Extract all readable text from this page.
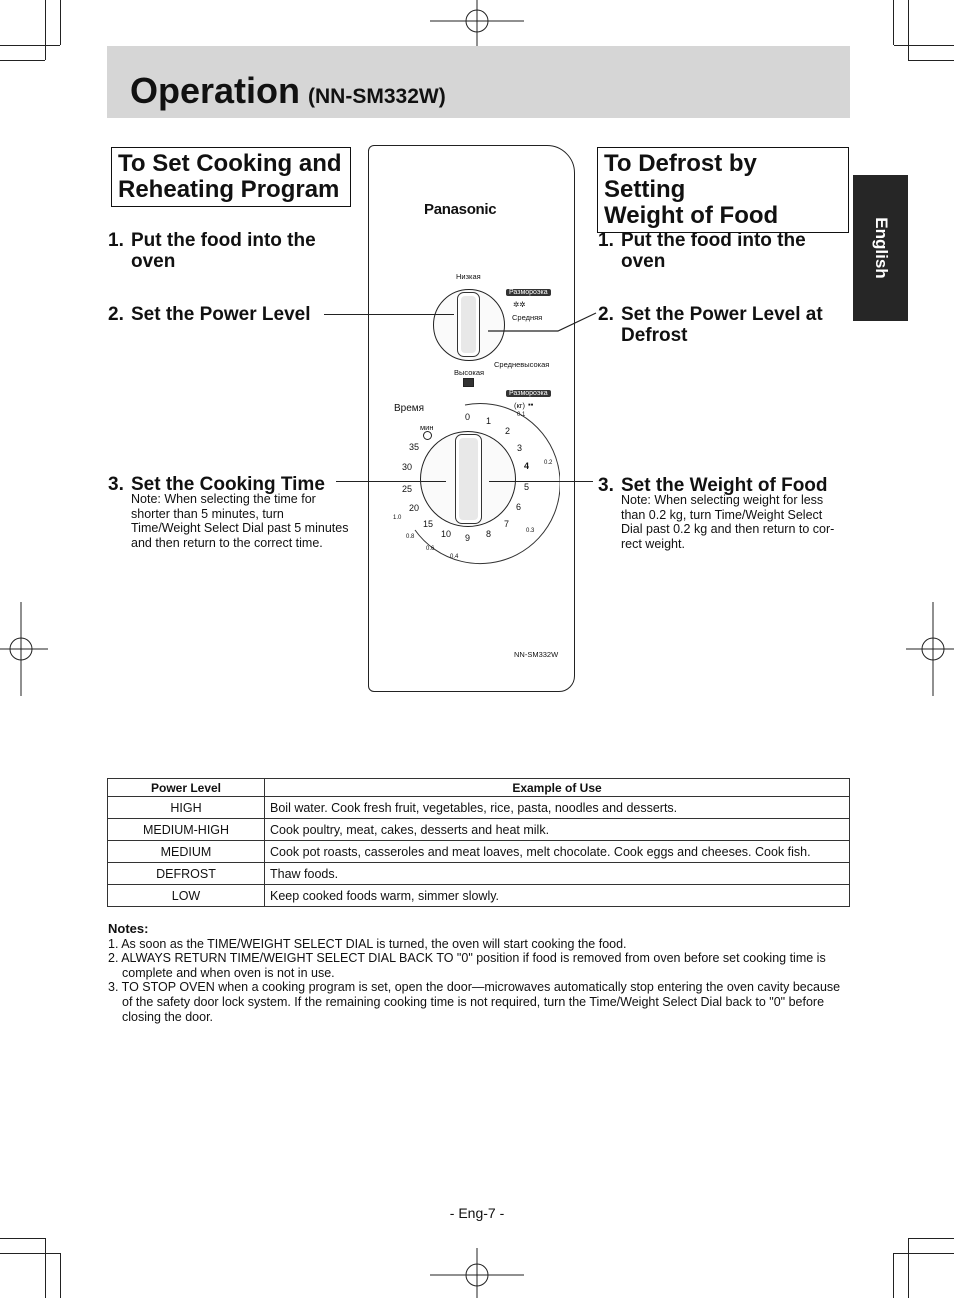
Operation (NN-SM332W)
English
To Set Cooking and
Reheating Program
1. Put the food into the
oven
2. Set the Power Level
3. Set the Cooking Time
Note: When selecting the time for
shorter than 5 minutes, turn
Time/Weight Select Dial past 5 minutes
and then return to the correct time.
To Defrost by Setting
Weight of Food
1. Put the food into the
oven
2. Set the Power Level at
Defrost
3. Set the Weight of Food
Note: When selecting weight for less
than 0.2 kg, turn Time/Weight Select
Dial past 0.2 kg and then return to cor-
rect weight.
Panasonic
Низкая
Размороэка
✲✲
Средняя
Средневысокая
Высокая
Размороэка
(кг) ▪▪
Время
мин
0 1
2
3
4
5
6
7
8
9
10
15
20
25
30
35
0.1
0.2
0.3
0.4
0.6
0.8
1.0
NN-SM332W
Power Level	Example of Use
HIGH	Boil water. Cook fresh fruit, vegetables, rice, pasta, noodles and desserts.
MEDIUM-HIGH	Cook poultry, meat, cakes, desserts and heat milk.
MEDIUM	Cook pot roasts, casseroles and meat loaves, melt chocolate. Cook eggs and cheeses. Cook fish.
DEFROST	Thaw foods.
LOW	Keep cooked foods warm, simmer slowly.
Notes:
1. As soon as the TIME/WEIGHT SELECT DIAL is turned, the oven will start cooking the food.
2. ALWAYS RETURN TIME/WEIGHT SELECT DIAL BACK TO "0" position if food is removed from oven before set cooking time is complete and when oven is not in use.
3. TO STOP OVEN when a cooking program is set, open the door—microwaves automatically stop entering the oven cavity because of the safety door lock system. If the remaining cooking time is not required, turn the Time/Weight Select Dial back to "0" before closing the door.
- Eng-7 -
